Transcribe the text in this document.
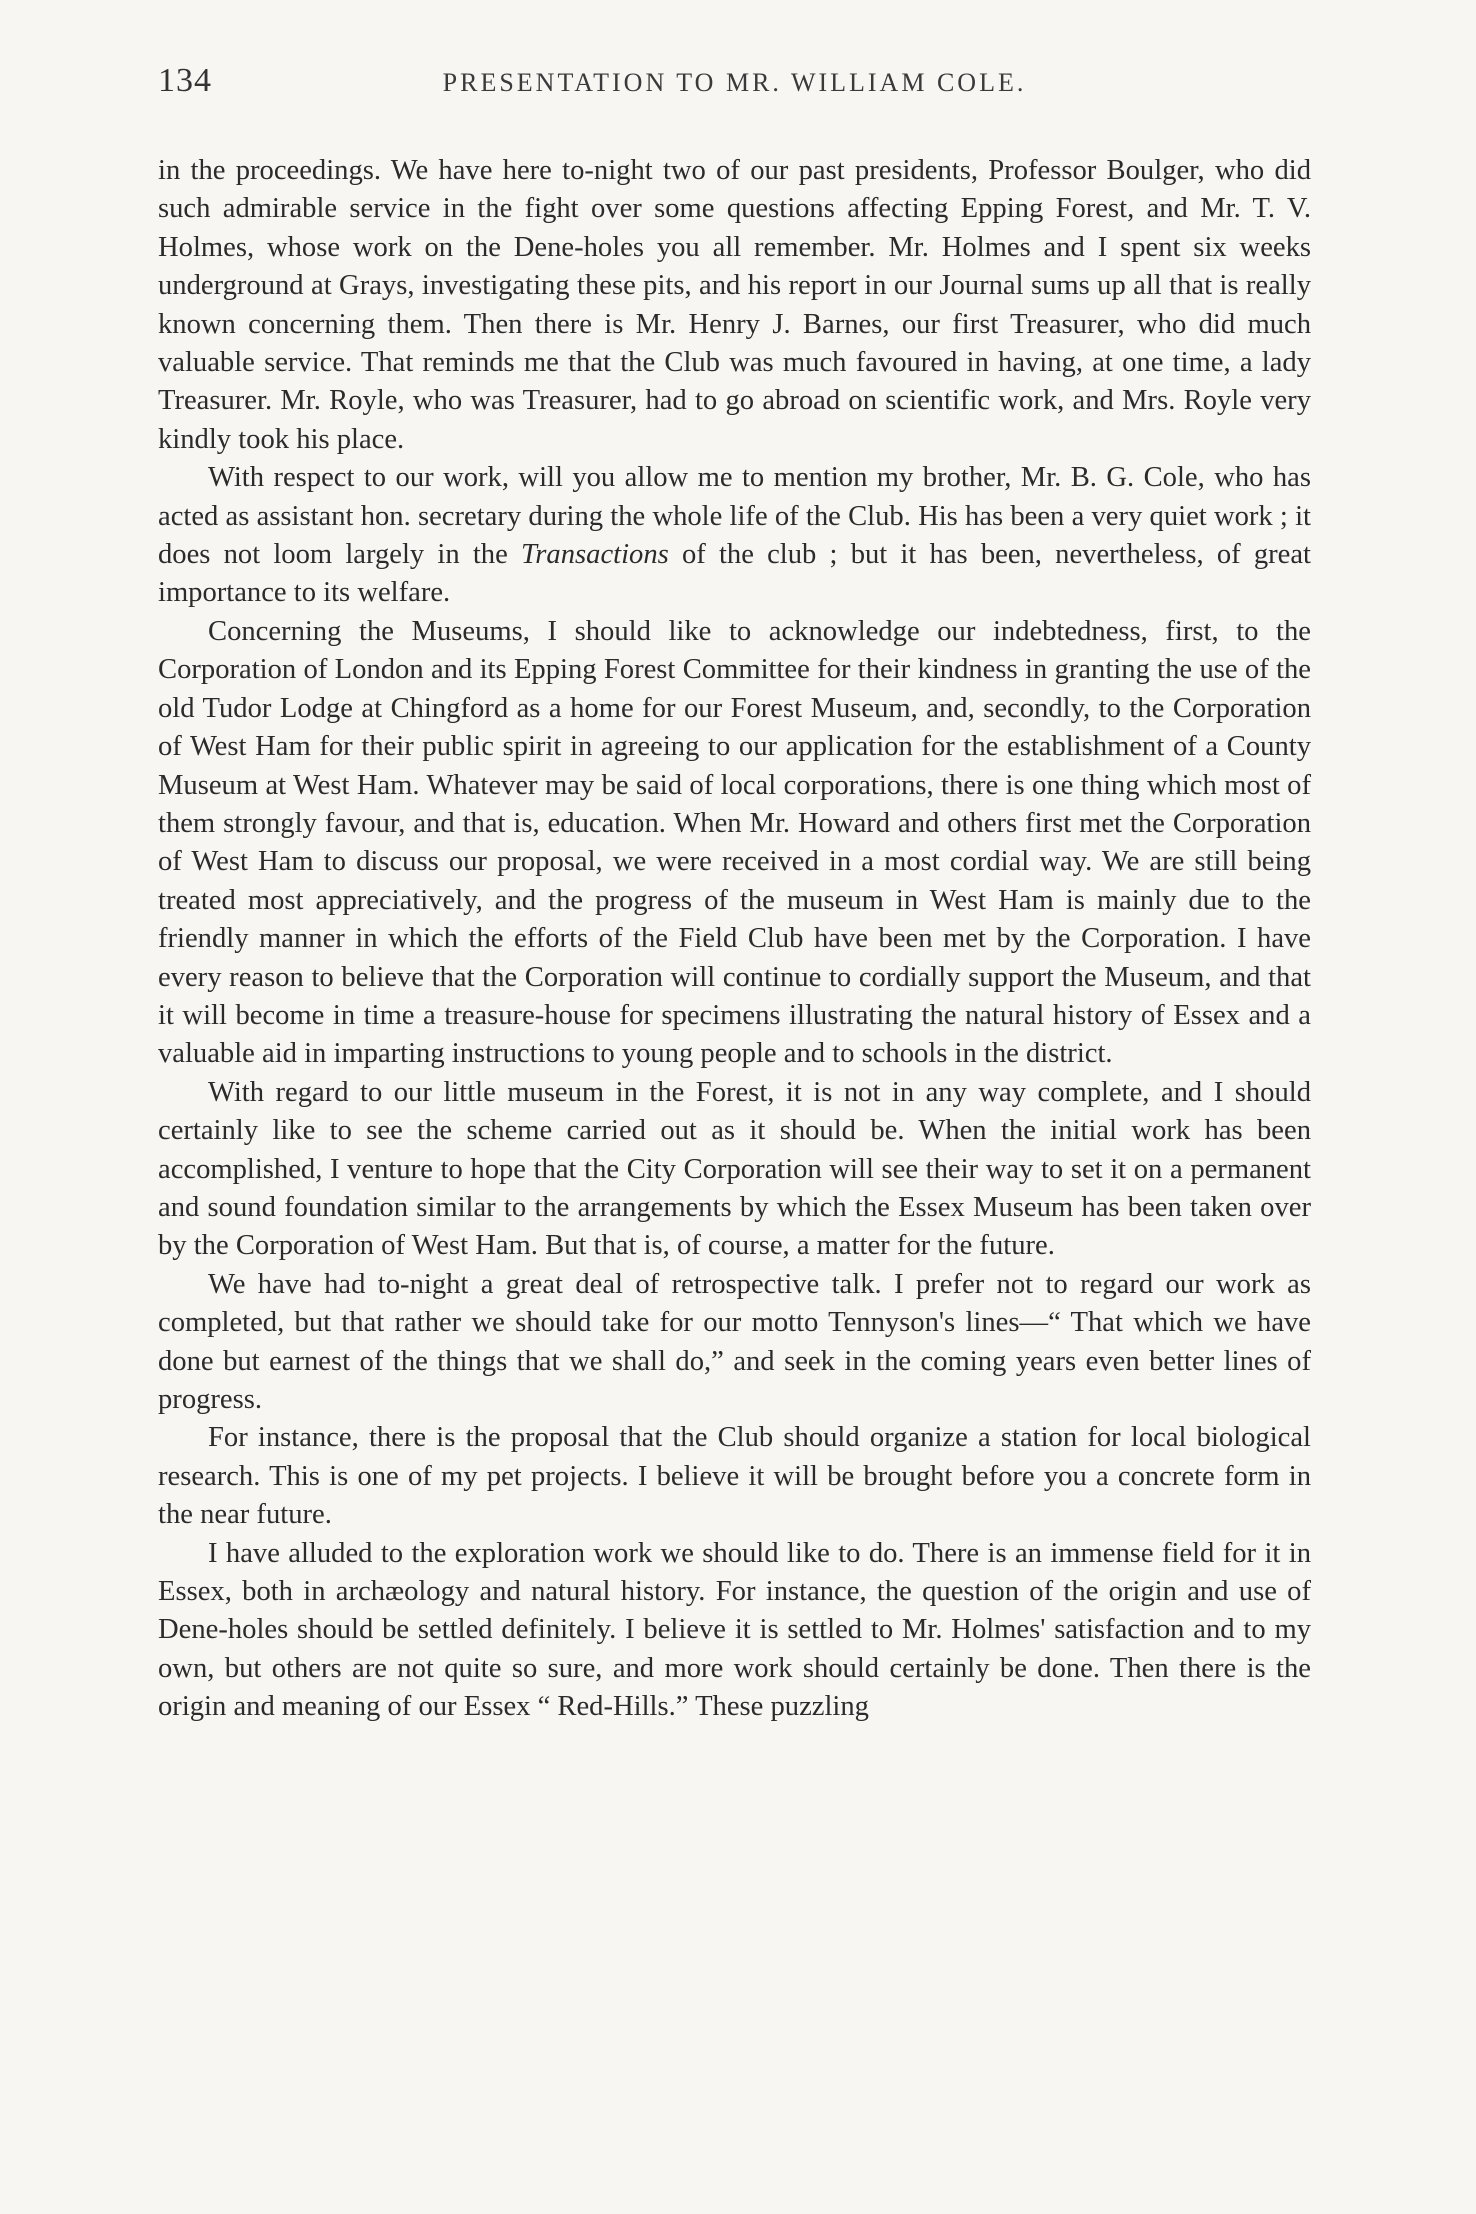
134	PRESENTATION TO MR. WILLIAM COLE.

in the proceedings. We have here to-night two of our past presidents, Professor Boulger, who did such admirable service in the fight over some questions affecting Epping Forest, and Mr. T. V. Holmes, whose work on the Dene-holes you all remember. Mr. Holmes and I spent six weeks underground at Grays, investigating these pits, and his report in our Journal sums up all that is really known concerning them. Then there is Mr. Henry J. Barnes, our first Treasurer, who did much valuable service. That reminds me that the Club was much favoured in having, at one time, a lady Treasurer. Mr. Royle, who was Treasurer, had to go abroad on scientific work, and Mrs. Royle very kindly took his place.

With respect to our work, will you allow me to mention my brother, Mr. B. G. Cole, who has acted as assistant hon. secretary during the whole life of the Club. His has been a very quiet work ; it does not loom largely in the Transactions of the club ; but it has been, nevertheless, of great importance to its welfare.

Concerning the Museums, I should like to acknowledge our indebtedness, first, to the Corporation of London and its Epping Forest Committee for their kindness in granting the use of the old Tudor Lodge at Chingford as a home for our Forest Museum, and, secondly, to the Corporation of West Ham for their public spirit in agreeing to our application for the establishment of a County Museum at West Ham. Whatever may be said of local corporations, there is one thing which most of them strongly favour, and that is, education. When Mr. Howard and others first met the Corporation of West Ham to discuss our proposal, we were received in a most cordial way. We are still being treated most appreciatively, and the progress of the museum in West Ham is mainly due to the friendly manner in which the efforts of the Field Club have been met by the Corporation. I have every reason to believe that the Corporation will continue to cordially support the Museum, and that it will become in time a treasure-house for specimens illustrating the natural history of Essex and a valuable aid in imparting instructions to young people and to schools in the district.

With regard to our little museum in the Forest, it is not in any way complete, and I should certainly like to see the scheme carried out as it should be. When the initial work has been accomplished, I venture to hope that the City Corporation will see their way to set it on a permanent and sound foundation similar to the arrangements by which the Essex Museum has been taken over by the Corporation of West Ham. But that is, of course, a matter for the future.

We have had to-night a great deal of retrospective talk. I prefer not to regard our work as completed, but that rather we should take for our motto Tennyson's lines—“ That which we have done but earnest of the things that we shall do,” and seek in the coming years even better lines of progress.

For instance, there is the proposal that the Club should organize a station for local biological research. This is one of my pet projects. I believe it will be brought before you a concrete form in the near future.

I have alluded to the exploration work we should like to do. There is an immense field for it in Essex, both in archæology and natural history. For instance, the question of the origin and use of Dene-holes should be settled definitely. I believe it is settled to Mr. Holmes' satisfaction and to my own, but others are not quite so sure, and more work should certainly be done. Then there is the origin and meaning of our Essex “ Red-Hills.” These puzzling
